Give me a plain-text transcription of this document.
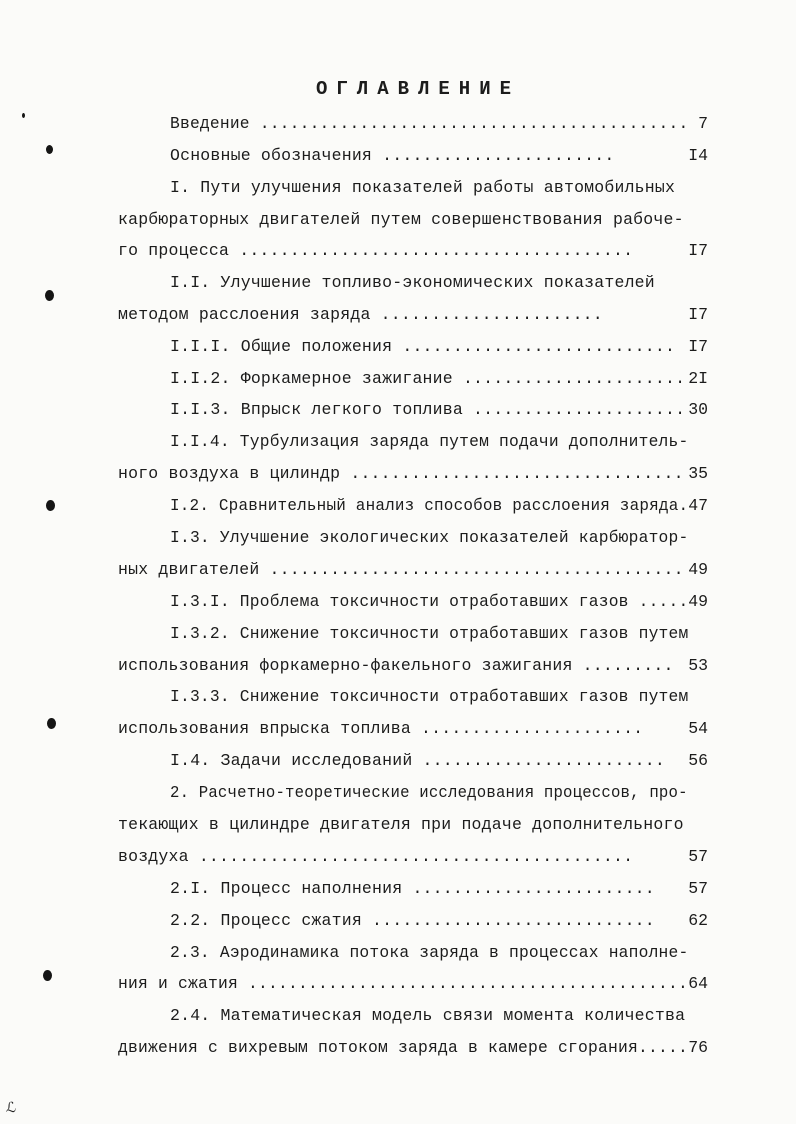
ℒ
ОГЛАВЛЕНИЕ
Введение ........................................... 7
Основные обозначения .......................	I4
I. Пути улучшения показателей работы автомобильных
карбюраторных двигателей путем совершенствования рабоче-
го процесса .......................................	I7
I.I. Улучшение топливо-экономических показателей
методом расслоения заряда ......................	I7
I.I.I. Общие положения ........................... I7
I.I.2. Форкамерное зажигание ...................... 2I
I.I.3. Впрыск легкого топлива ..................... 30
I.I.4. Турбулизация заряда путем подачи дополнитель-
ного воздуха в цилиндр ................................. 35
I.2. Сравнительный анализ способов расслоения заряда. 47
I.3. Улучшение экологических показателей карбюратор-
ных двигателей ......................................... 49
I.3.I. Проблема токсичности отработавших газов ..... 49
I.3.2. Снижение токсичности отработавших газов путем
использования форкамерно-факельного зажигания ......... 53
I.3.3. Снижение токсичности отработавших газов путем
использования впрыска топлива ......................	54
I.4. Задачи исследований ........................	56
2. Расчетно-теоретические исследования процессов, про-
текающих в цилиндре двигателя при подаче дополнительного
воздуха ...........................................	57
2.I. Процесс наполнения ........................	57
2.2. Процесс сжатия ............................	62
2.3. Аэродинамика потока заряда в процессах наполне-
ния и сжатия ............................................ 64
2.4. Математическая модель связи момента количества
движения с вихревым потоком заряда в камере сгорания..... 76
